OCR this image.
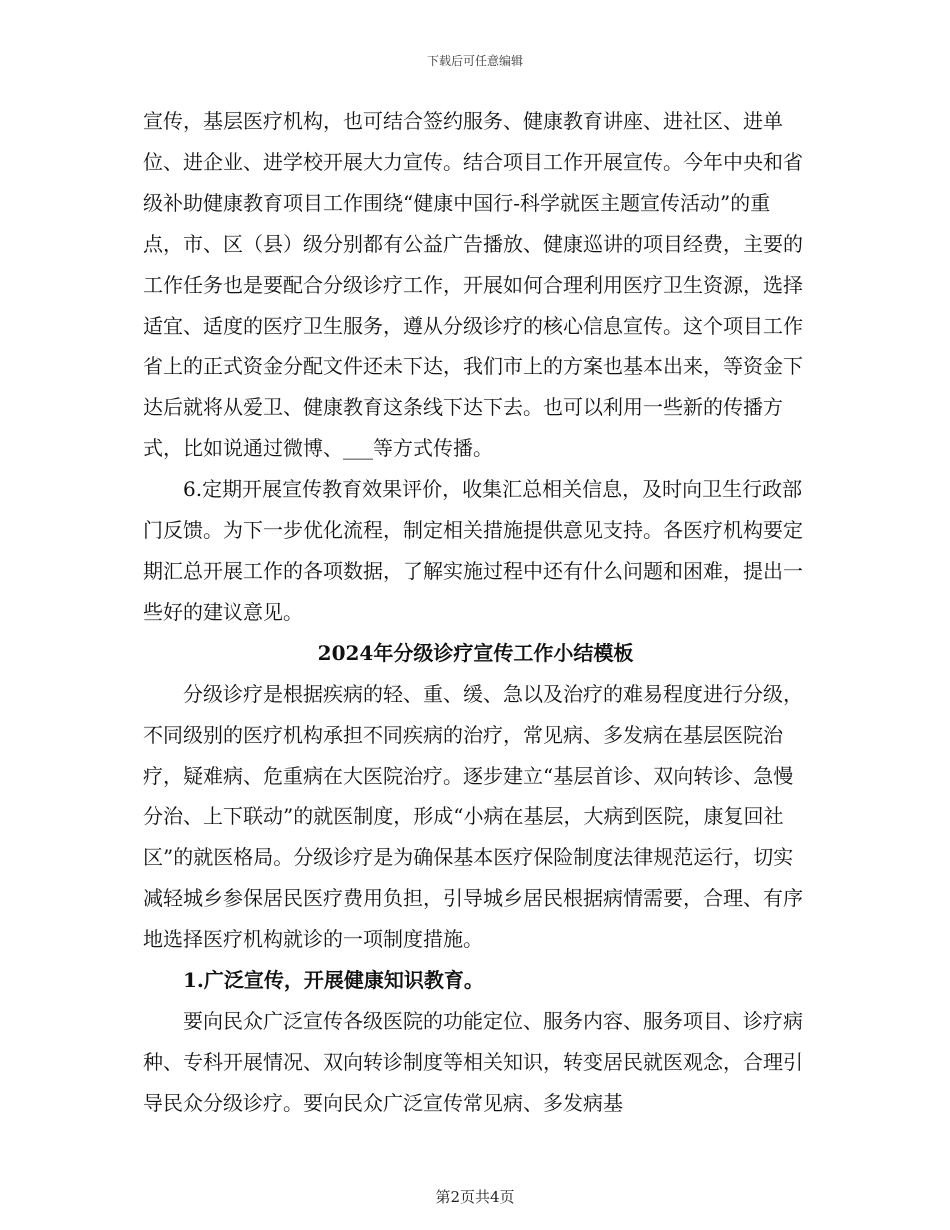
下载后可任意编辑

宣传，基层医疗机构，也可结合签约服务、健康教育讲座、进社区、进单位、进企业、进学校开展大力宣传。结合项目工作开展宣传。今年中央和省级补助健康教育项目工作围绕“健康中国行-科学就医主题宣传活动”的重点，市、区（县）级分别都有公益广告播放、健康巡讲的项目经费，主要的工作任务也是要配合分级诊疗工作，开展如何合理利用医疗卫生资源，选择适宜、适度的医疗卫生服务，遵从分级诊疗的核心信息宣传。这个项目工作省上的正式资金分配文件还未下达，我们市上的方案也基本出来，等资金下达后就将从爱卫、健康教育这条线下达下去。也可以利用一些新的传播方式，比如说通过微博、___等方式传播。

6.定期开展宣传教育效果评价，收集汇总相关信息，及时向卫生行政部门反馈。为下一步优化流程，制定相关措施提供意见支持。各医疗机构要定期汇总开展工作的各项数据，了解实施过程中还有什么问题和困难，提出一些好的建议意见。

2024年分级诊疗宣传工作小结模板

分级诊疗是根据疾病的轻、重、缓、急以及治疗的难易程度进行分级，不同级别的医疗机构承担不同疾病的治疗，常见病、多发病在基层医院治疗，疑难病、危重病在大医院治疗。逐步建立“基层首诊、双向转诊、急慢分治、上下联动”的就医制度，形成“小病在基层，大病到医院，康复回社区”的就医格局。分级诊疗是为确保基本医疗保险制度法律规范运行，切实减轻城乡参保居民医疗费用负担，引导城乡居民根据病情需要，合理、有序地选择医疗机构就诊的一项制度措施。

1.广泛宣传，开展健康知识教育。

要向民众广泛宣传各级医院的功能定位、服务内容、服务项目、诊疗病种、专科开展情况、双向转诊制度等相关知识，转变居民就医观念，合理引导民众分级诊疗。要向民众广泛宣传常见病、多发病基

第2页共4页
